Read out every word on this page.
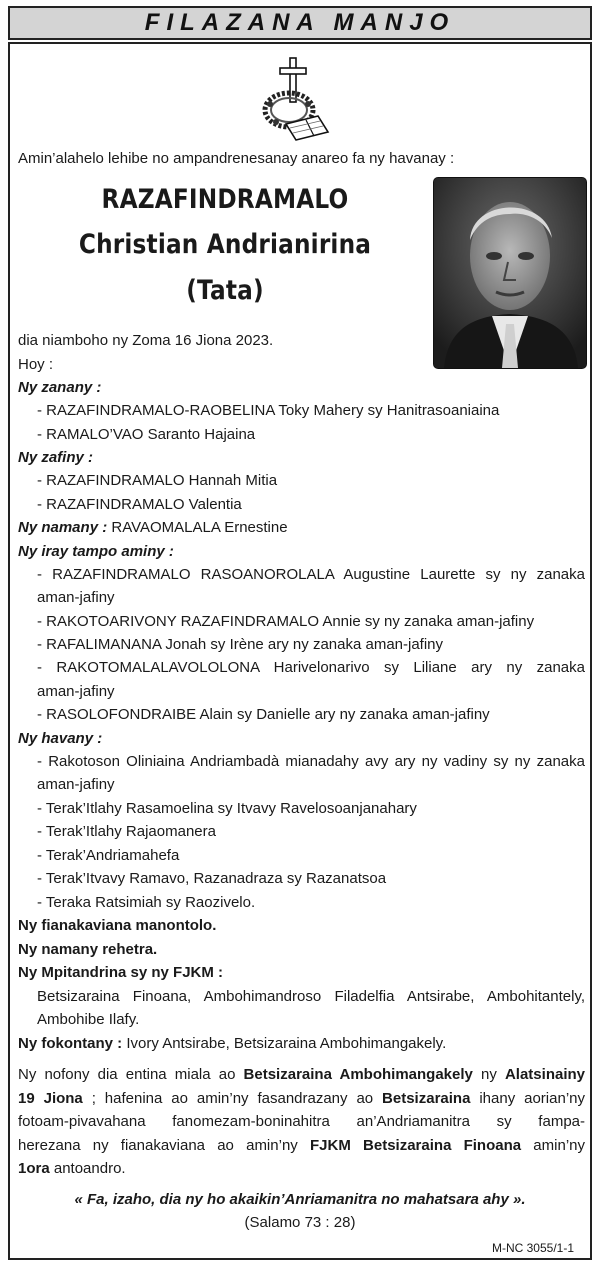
FILAZANA MANJO
Amin’alahelo lehibe no ampandrenesanay anareo fa ny havanay :
RAZAFINDRAMALO
Christian Andrianirina
(Tata)
dia niamboho ny Zoma 16 Jiona 2023.
Hoy :
Ny zanany :
- RAZAFINDRAMALO-RAOBELINA Toky Mahery sy Hanitrasoaniaina
- RAMALO’VAO Saranto Hajaina
Ny zafiny :
- RAZAFINDRAMALO Hannah Mitia
- RAZAFINDRAMALO Valentia
Ny namany : RAVAOMALALA Ernestine
Ny iray tampo aminy :
- RAZAFINDRAMALO RASOANOROLALA Augustine Laurette sy ny zanaka
aman-jafiny
- RAKOTOARIVONY RAZAFINDRAMALO Annie sy ny zanaka aman-jafiny
- RAFALIMANANA Jonah sy Irène ary ny zanaka aman-jafiny
- RAKOTOMALALAVOLOLONA Harivelonarivo sy Liliane ary ny zanaka
aman-jafiny
- RASOLOFONDRAIBE Alain sy Danielle ary ny zanaka aman-jafiny
Ny havany :
- Rakotoson Oliniaina Andriambadà mianadahy avy ary ny vadiny sy ny zanaka
aman-jafiny
- Terak’Itlahy Rasamoelina sy Itvavy Ravelosoanjanahary
- Terak’Itlahy Rajaomanera
- Terak’Andriamahefa
- Terak’Itvavy Ramavo, Razanadraza sy Razanatsoa
- Teraka Ratsimiah sy Raozivelo.
Ny fianakaviana manontolo.
Ny namany rehetra.
Ny Mpitandrina sy ny FJKM :
Betsizaraina Finoana, Ambohimandroso Filadelfia Antsirabe, Ambohitantely,
Ambohibe Ilafy.
Ny fokontany : Ivory Antsirabe, Betsizaraina Ambohimangakely.
Ny nofony dia entina miala ao Betsizaraina Ambohimangakely ny Alatsinainy
19 Jiona ; hafenina ao amin’ny fasandrazany ao Betsizaraina ihany aorian’ny
fotoam-pivavahana fanomezam-boninahitra an’Andriamanitra sy fampa-
herezana ny fianakaviana ao amin’ny FJKM Betsizaraina Finoana amin’ny
1ora antoandro.
« Fa, izaho, dia ny ho akaikin’Anriamanitra no mahatsara ahy ».
(Salamo 73 : 28)
M-NC 3055/1-1
